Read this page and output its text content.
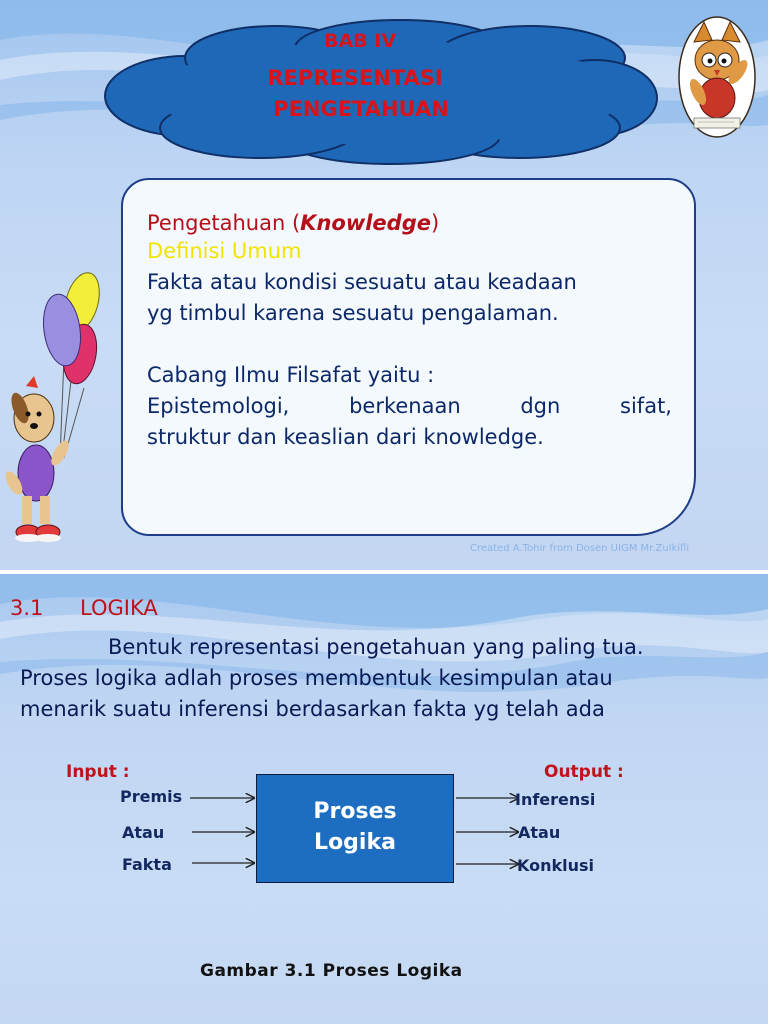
BAB IV
REPRESENTASI
PENGETAHUAN
Pengetahuan (Knowledge)
Definisi Umum
Fakta atau kondisi sesuatu atau keadaan
yg timbul karena sesuatu pengalaman.
Cabang Ilmu Filsafat yaitu :
Epistemologi,	berkenaan	dgn	sifat,
struktur dan keaslian dari knowledge.
Created A.Tohir from Dosen UIGM Mr.Zulkifli
3.1 LOGIKA
Bentuk representasi pengetahuan yang paling tua.
Proses logika adlah proses membentuk kesimpulan atau
menarik suatu inferensi berdasarkan fakta yg telah ada
Input :	Output :
Premis
Atau
Fakta
Proses
Logika
Inferensi
Atau
Konklusi
Gambar 3.1 Proses Logika
